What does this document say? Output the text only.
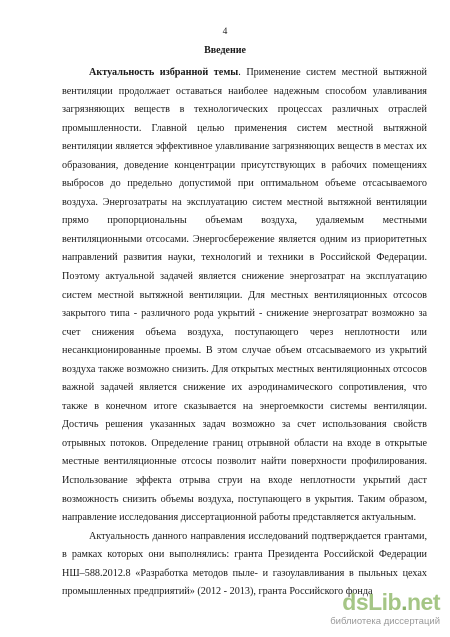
4
Введение

Актуальность избранной темы. Применение систем местной вытяжной вентиляции продолжает оставаться наиболее надежным способом улавливания загрязняющих веществ в технологических процессах различных отраслей промышленности. Главной целью применения систем местной вытяжной вентиляции является эффективное улавливание загрязняющих веществ в местах их образования, доведение концентрации присутствующих в рабочих помещениях выбросов до предельно допустимой при оптимальном объеме отсасываемого воздуха. Энергозатраты на эксплуатацию систем местной вытяжной вентиляции прямо пропорциональны объемам воздуха, удаляемым местными вентиляционными отсосами. Энергосбережение является одним из приоритетных направлений развития науки, технологий и техники в Российской Федерации. Поэтому актуальной задачей является снижение энергозатрат на эксплуатацию систем местной вытяжной вентиляции. Для местных вентиляционных отсосов закрытого типа - различного рода укрытий - снижение энергозатрат возможно за счет снижения объема воздуха, поступающего через неплотности или несанкционированные проемы. В этом случае объем отсасываемого из укрытий воздуха также возможно снизить. Для открытых местных вентиляционных отсосов важной задачей является снижение их аэродинамического сопротивления, что также в конечном итоге сказывается на энергоемкости системы вентиляции. Достичь решения указанных задач возможно за счет использования свойств отрывных потоков. Определение границ отрывной области на входе в открытые местные вентиляционные отсосы позволит найти поверхности профилирования. Использование эффекта отрыва струи на входе неплотности укрытий даст возможность снизить объемы воздуха, поступающего в укрытия. Таким образом, направление исследования диссертационной работы представляется актуальным.

Актуальность данного направления исследований подтверждается грантами, в рамках которых они выполнялись: гранта Президента Российской Федерации НШ–588.2012.8 «Разработка методов пыле- и газоулавливания в пыльных цехах промышленных предприятий» (2012 - 2013), гранта Российского фонда

dsLib.net
библиотека диссертаций
